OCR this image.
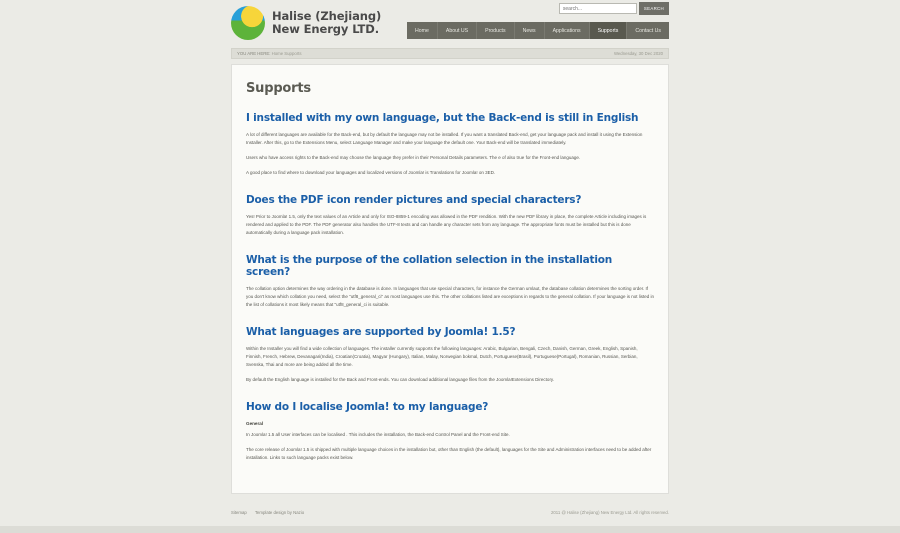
Halise (Zhejiang)
New Energy LTD.
search...
SEARCH
Home	About US	Products	News	Applications	Supports	Contact Us
YOU ARE HERE: Home Supports	Wednesday, 30 Dec 2020
Supports
I installed with my own language, but the Back-end is still in English

A lot of different languages are available for the Back-end, but by default the language may not be installed. If you want a translated Back-end, get your language pack and install it using the Extension Installer. After this, go to the Extensions Menu, select Language Manager and make your language the default one. Your Back-end will be translated immediately.

Users who have access rights to the Back-end may choose the language they prefer in their Personal Details parameters. The e of also true for the Front-end language.

A good place to find where to download your languages and localized versions of Joomla! is Translations for Joomla! on 3ED.

Does the PDF icon render pictures and special characters?

Yes! Prior to Joomla! 1.5, only the text values of an Article and only for ISO-8859-1 encoding was allowed in the PDF rendition. With the new PDF library in place, the complete Article including images is rendered and applied to the PDF. The PDF generator also handles the UTF-8 texts and can handle any character sets from any language. The appropriate fonts must be installed but this is done automatically during a language pack installation.

What is the purpose of the collation selection in the installation screen?

The collation option determines the way ordering in the database is done. In languages that use special characters, for instance the German umlaut, the database collation determines the sorting order. If you don't know which collation you need, select the "utf8_general_ci" as most languages use this. The other collations listed are exceptions in regards to the general collation. If your language is not listed in the list of collations it most likely means that "utf8_general_ci is suitable.

What languages are supported by Joomla! 1.5?

Within the Installer you will find a wide collection of languages. The installer currently supports the following languages: Arabic, Bulgarian, Bengali, Czech, Danish, German, Greek, English, Spanish, Finnish, French, Hebrew, Devanagari(India), Croatian(Croatia), Magyar (Hungary), Italian, Malay, Norwegian bokmal, Dutch, Portuguese(Brasil), Portuguese(Portugal), Romanian, Russian, Serbian, Svenska, Thai and more are being added all the time.

By default the English language is installed for the Back and Front-ends. You can download additional language files from the Joomla!Extensions Directory.

How do I localise Joomla! to my language?

General

In Joomla! 1.5 all User interfaces can be localised . This includes the installation, the Back-end Control Panel and the Front-end Site.

The core release of Joomla! 1.5 is shipped with multiple language choices in the installation but, other than English (the default), languages for the Site and Administration interfaces need to be added after installation. Links to such language packs exist below.

Sitemap Template design by Nazio	2011 @ Halise (Zhejiang) New Energy Ltd. All rights reserved.
